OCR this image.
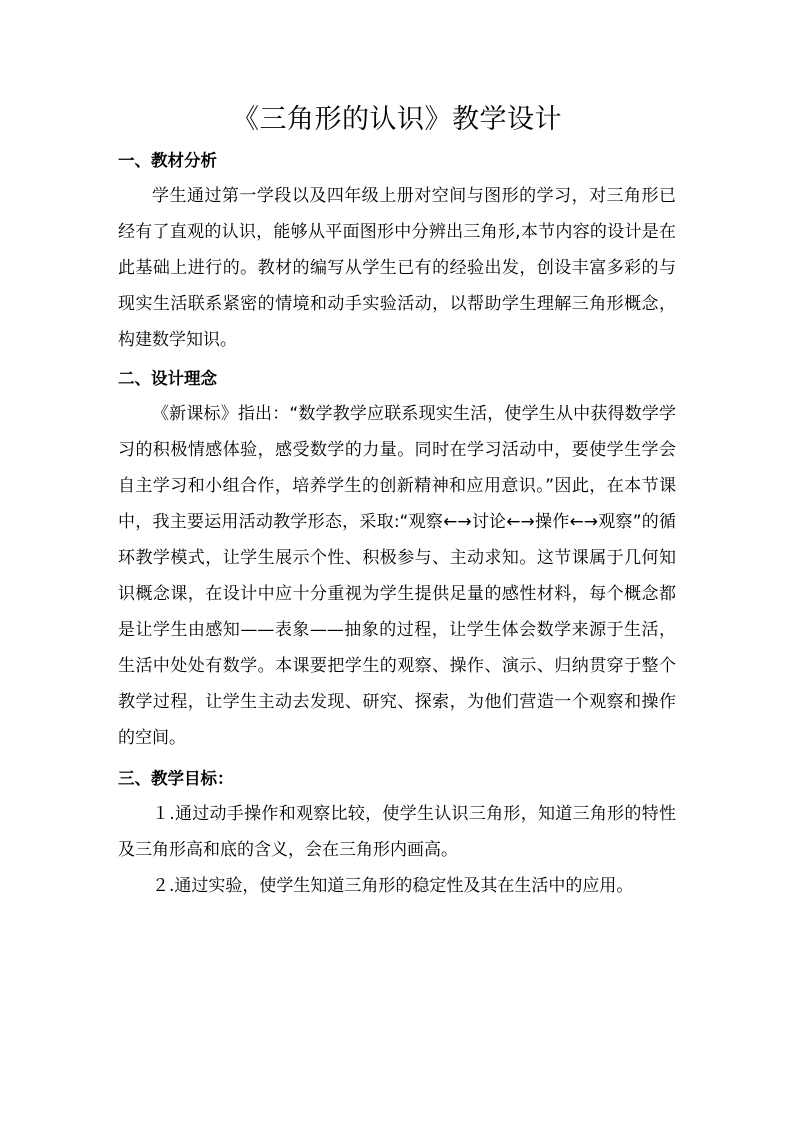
《三角形的认识》教学设计
一、教材分析

学生通过第一学段以及四年级上册对空间与图形的学习，对三角形已经有了直观的认识，能够从平面图形中分辨出三角形,本节内容的设计是在此基础上进行的。教材的编写从学生已有的经验出发，创设丰富多彩的与现实生活联系紧密的情境和动手实验活动，以帮助学生理解三角形概念，构建数学知识。

二、设计理念

《新课标》指出：“数学教学应联系现实生活，使学生从中获得数学学习的积极情感体验，感受数学的力量。同时在学习活动中，要使学生学会自主学习和小组合作，培养学生的创新精神和应用意识。”因此，在本节课中，我主要运用活动教学形态，采取:“观察←→讨论←→操作←→观察”的循环教学模式，让学生展示个性、积极参与、主动求知。这节课属于几何知识概念课，在设计中应十分重视为学生提供足量的感性材料，每个概念都是让学生由感知——表象——抽象的过程，让学生体会数学来源于生活，生活中处处有数学。本课要把学生的观察、操作、演示、归纳贯穿于整个教学过程，让学生主动去发现、研究、探索，为他们营造一个观察和操作的空间。

三、教学目标：

１.通过动手操作和观察比较，使学生认识三角形，知道三角形的特性及三角形高和底的含义，会在三角形内画高。

２.通过实验，使学生知道三角形的稳定性及其在生活中的应用。
